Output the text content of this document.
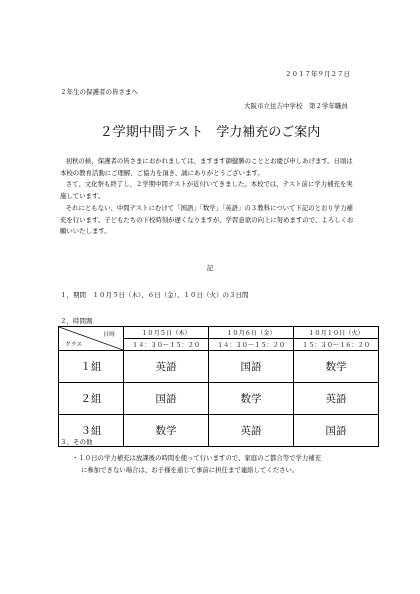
２０１７年９月２７日
２年生の保護者の皆さまへ
大阪市立住吉中学校　第２学年職員
２学期中間テスト　学力補充のご案内

初秋の候、保護者の皆さまにおかれましては、ますます御健勝のこととお慶び申しあげます。日頃は本校の教育活動にご理解、ご協力を頂き、誠にありがとうございます。

さて、文化祭も終了し、２学期中間テストが近付いてきました。本校では、テスト前に学力補充を実施しています。

それにともない、中間テストにむけて「国語」「数学」「英語」の３教科について下記のとおり学力補充を行います。子どもたちの下校時刻が遅くなりますが、学習意欲の向上に努めますので、よろしくお願いいたします。

記
１，期間　１０月５日（木）、６日（金）、１０日（火）の３日間
２，時間割
日時
クラス	１０月５日（木）	１０月６日（金）	１０月１０日（火）
	１４：３０～１５：２０	１４：３０～１５：２０	１５：３０～１６：２０
１組	英語	国語	数学
２組	国語	数学	英語
３組	数学	英語	国語
３、その他
・１０日の学力補充は放課後の時間を使って行いますので、家庭のご都合等で学力補充
に参加できない場合は、お子様を通じて事前に担任まで連絡してください。
